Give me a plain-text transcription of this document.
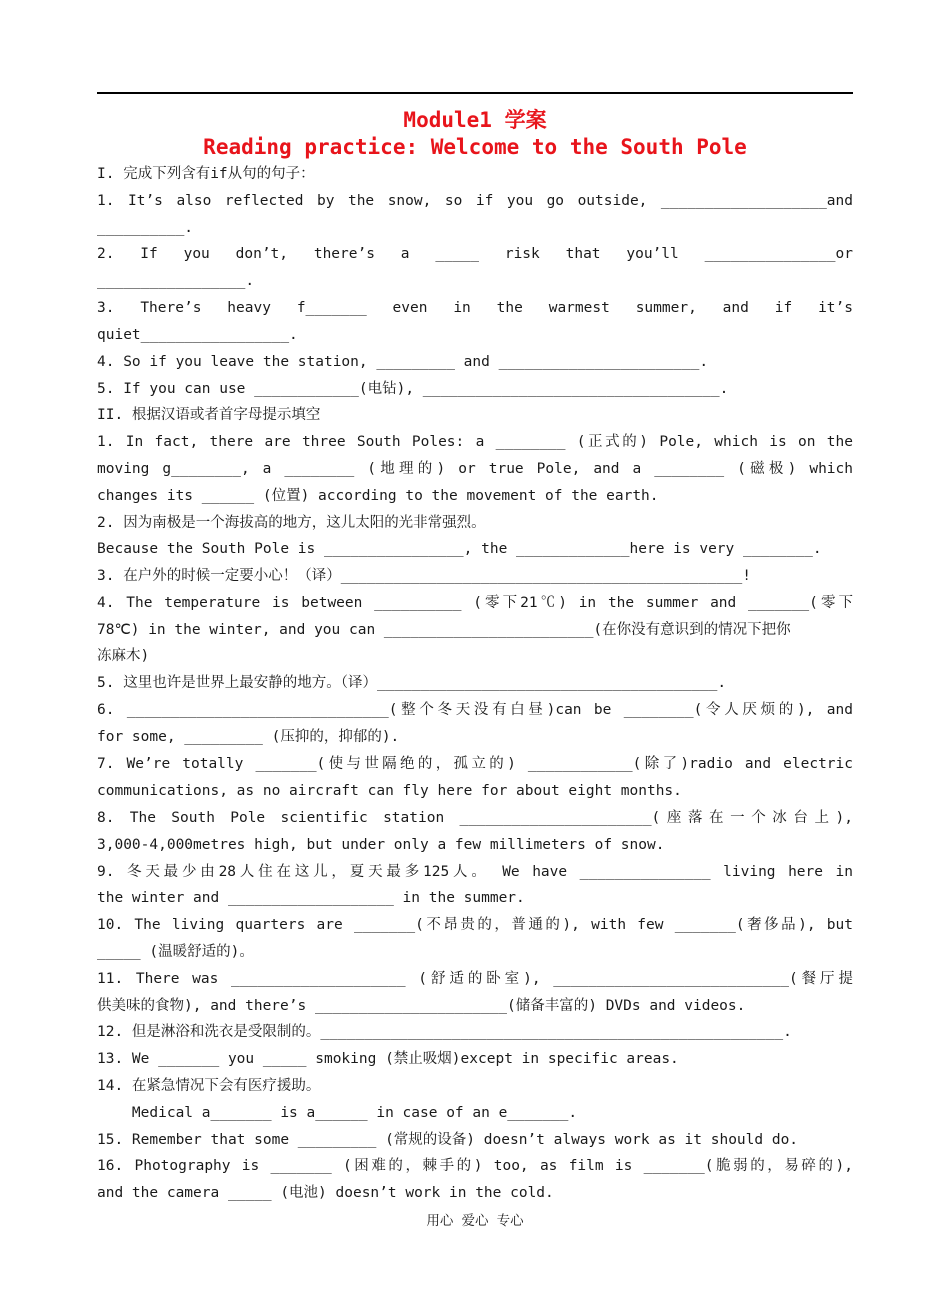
Module1 学案
Reading practice: Welcome to the South Pole
I. 完成下列含有if从句的句子：
1. It’s also reflected by the snow, so if you go outside, ___________________and
__________.
2. If you don’t, there’s a _____ risk that you’ll _______________or
_________________.
3. There’s heavy f_______ even in the warmest summer, and if it’s
quiet_________________.
4. So if you leave the station, _________ and _______________________.
5. If you can use ____________(电钻), __________________________________.
II. 根据汉语或者首字母提示填空
1. In fact, there are three South Poles: a ________ (正式的) Pole, which is on the
moving g________, a ________ (地理的) or true Pole, and a ________ (磁极) which
changes its ______ (位置) according to the movement of the earth.
2. 因为南极是一个海拔高的地方，这儿太阳的光非常强烈。
Because the South Pole is ________________, the _____________here is very ________.
3. 在户外的时候一定要小心！（译）______________________________________________!
4. The temperature is between __________ (零下21℃) in the summer and _______(零下
78℃) in the winter, and you can ________________________(在你没有意识到的情况下把你
冻麻木)
5. 这里也许是世界上最安静的地方。（译）_______________________________________.
6. ______________________________(整个冬天没有白昼)can be ________(令人厌烦的), and
for some, _________ (压抑的，抑郁的).
7. We’re totally _______(使与世隔绝的，孤立的) ____________(除了)radio and electric
communications, as no aircraft can fly here for about eight months.
8. The South Pole scientific station ______________________(座落在一个冰台上),
3,000-4,000metres high, but under only a few millimeters of snow.
9. 冬天最少由28人住在这儿，夏天最多125人。 We have _______________ living here in
the winter and ___________________ in the summer.
10. The living quarters are _______(不昂贵的，普通的), with few _______(奢侈品), but
_____ (温暖舒适的)。
11. There was ____________________ (舒适的卧室), ___________________________(餐厅提
供美味的食物), and there’s ______________________(储备丰富的) DVDs and videos.
12. 但是淋浴和洗衣是受限制的。_____________________________________________________.
13. We _______ you _____ smoking (禁止吸烟)except in specific areas.
14. 在紧急情况下会有医疗援助。
Medical a_______ is a______ in case of an e_______.
15. Remember that some _________ (常规的设备) doesn’t always work as it should do.
16. Photography is _______ (困难的，棘手的) too, as film is _______(脆弱的，易碎的),
and the camera _____ (电池) doesn’t work in the cold.
用心 爱心 专心
